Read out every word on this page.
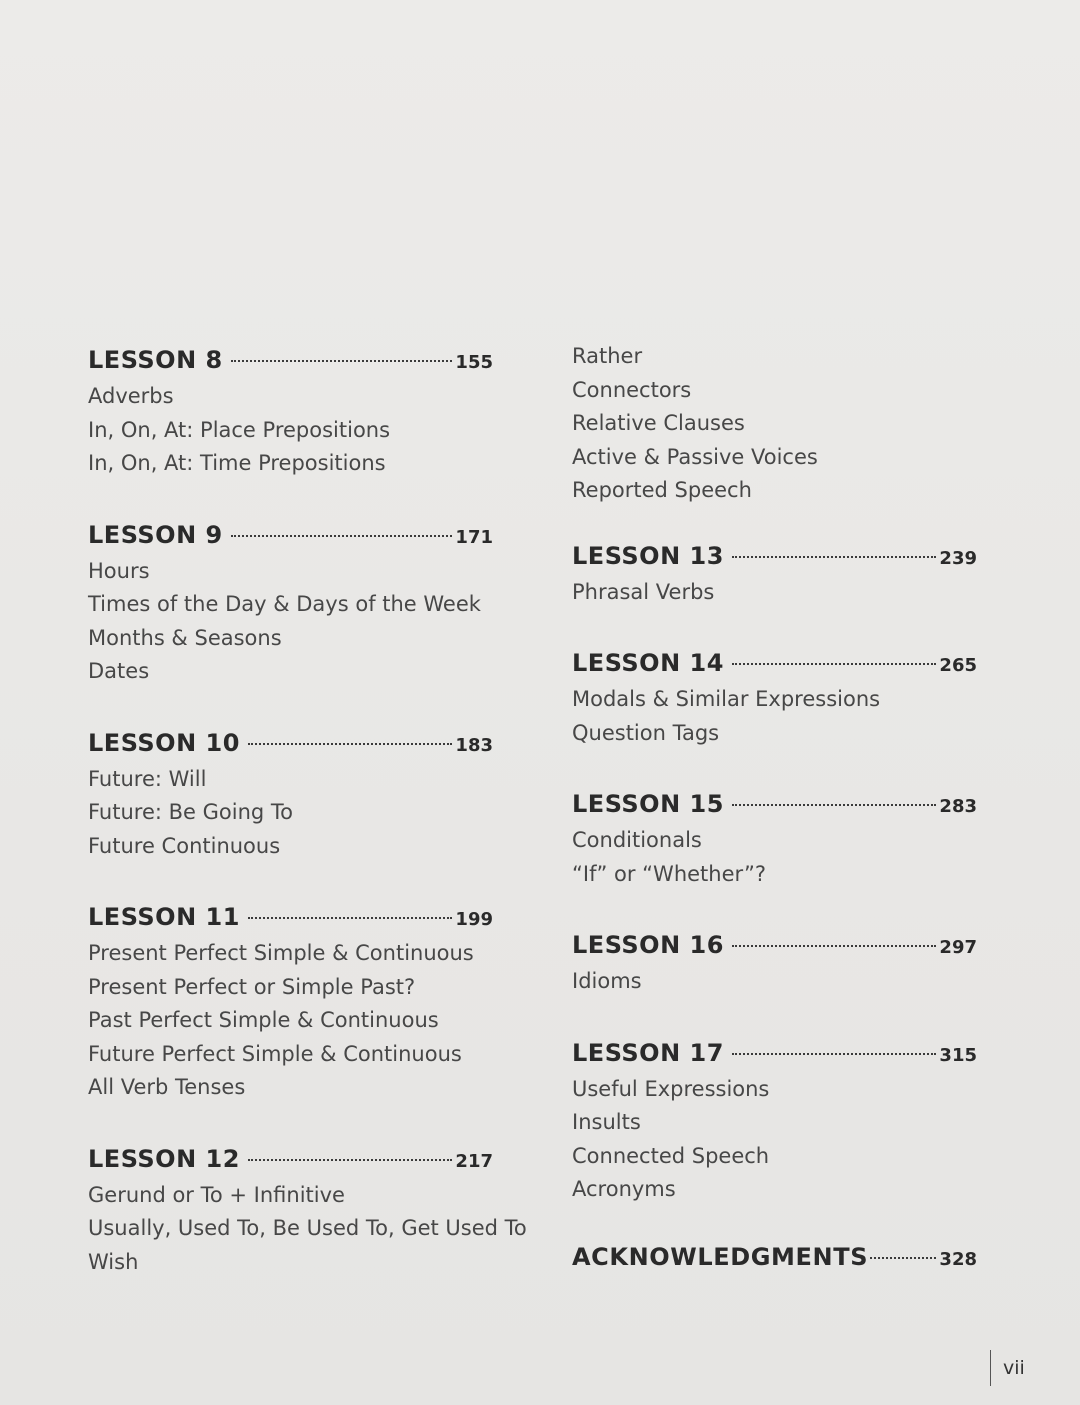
LESSON 8	155
Adverbs
In, On, At: Place Prepositions
In, On, At: Time Prepositions
LESSON 9	171
Hours
Times of the Day & Days of the Week
Months & Seasons
Dates
LESSON 10	183
Future: Will
Future: Be Going To
Future Continuous
LESSON 11	199
Present Perfect Simple & Continuous
Present Perfect or Simple Past?
Past Perfect Simple & Continuous
Future Perfect Simple & Continuous
All Verb Tenses
LESSON 12	217
Gerund or To + Infinitive
Usually, Used To, Be Used To, Get Used To
Wish
Rather
Connectors
Relative Clauses
Active & Passive Voices
Reported Speech
LESSON 13	239
Phrasal Verbs
LESSON 14	265
Modals & Similar Expressions
Question Tags
LESSON 15	283
Conditionals
“If” or “Whether”?
LESSON 16	297
Idioms
LESSON 17	315
Useful Expressions
Insults
Connected Speech
Acronyms
ACKNOWLEDGMENTS	328
vii
